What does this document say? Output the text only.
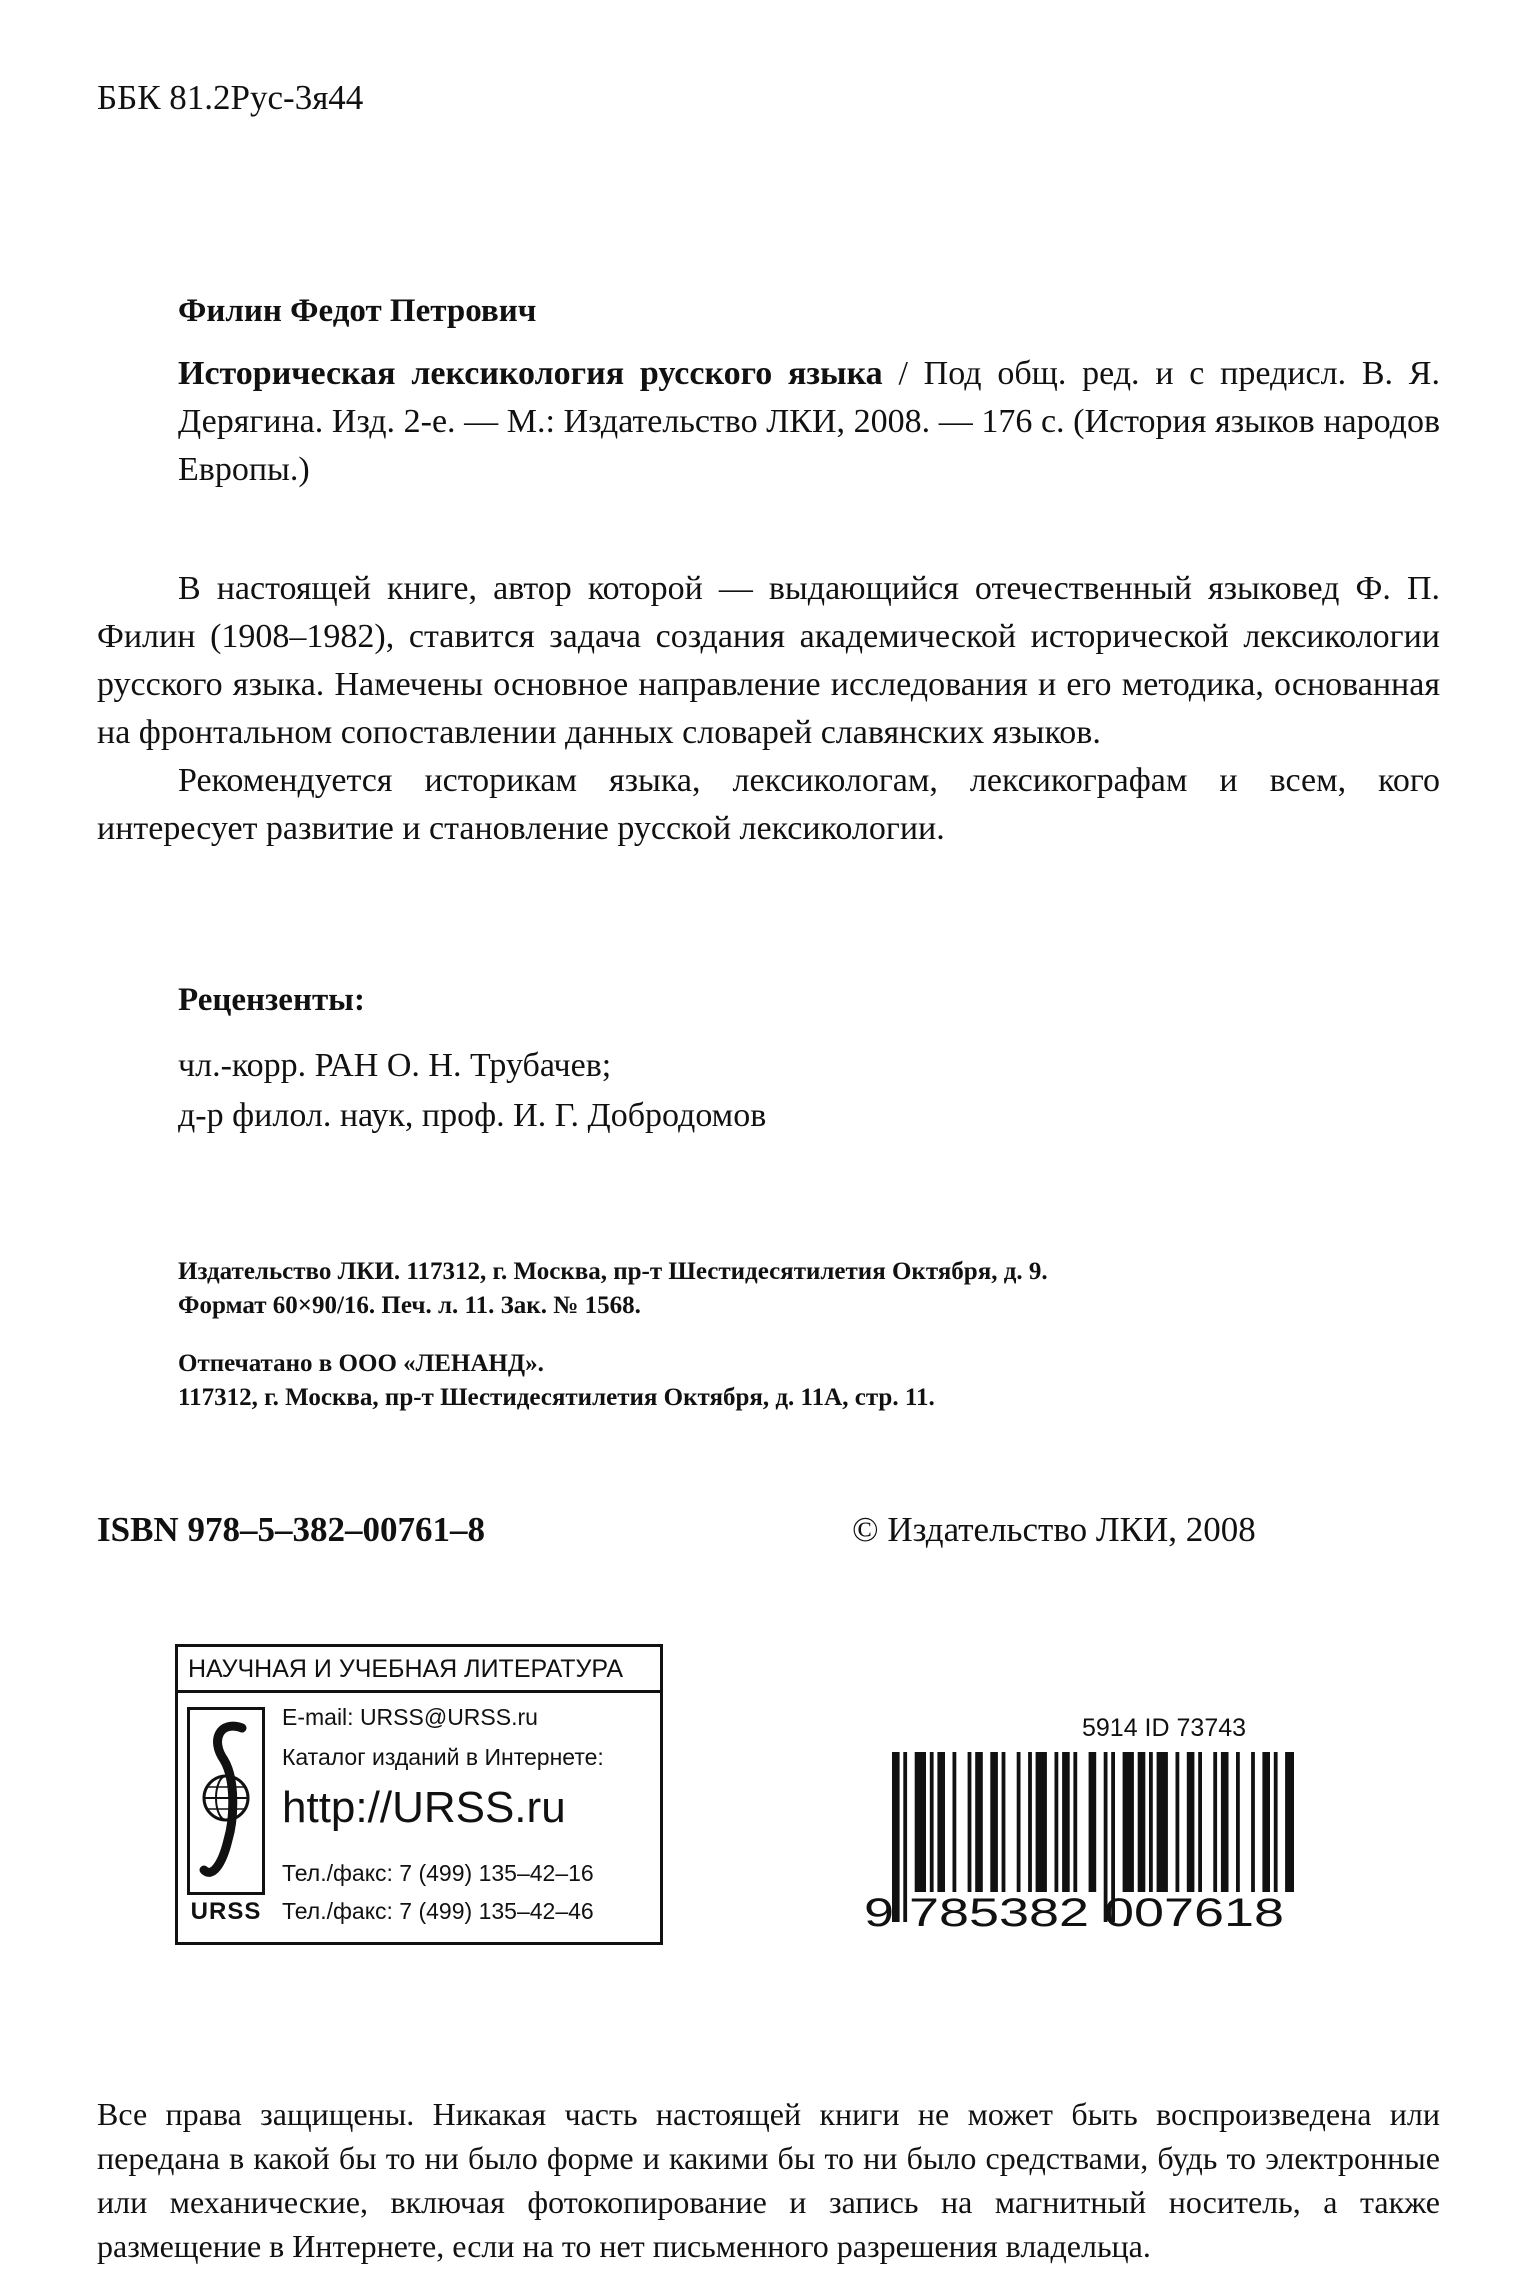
ББК 81.2Рус-3я44
Филин Федот Петрович
Историческая лексикология русского языка / Под общ. ред. и с предисл. В. Я. Дерягина. Изд. 2-е. — М.: Издательство ЛКИ, 2008. — 176 с. (История языков народов Европы.)

В настоящей книге, автор которой — выдающийся отечественный языковед Ф. П. Филин (1908–1982), ставится задача создания академической исторической лексикологии русского языка. Намечены основное направление исследования и его методика, основанная на фронтальном сопоставлении данных словарей славянских языков.

Рекомендуется историкам языка, лексикологам, лексикографам и всем, кого интересует развитие и становление русской лексикологии.

Рецензенты:
чл.-корр. РАН О. Н. Трубачев;
д-р филол. наук, проф. И. Г. Добродомов
Издательство ЛКИ. 117312, г. Москва, пр-т Шестидесятилетия Октября, д. 9.
Формат 60×90/16. Печ. л. 11. Зак. № 1568.
Отпечатано в ООО «ЛЕНАНД».
117312, г. Москва, пр-т Шестидесятилетия Октября, д. 11А, стр. 11.
ISBN 978–5–382–00761–8	© Издательство ЛКИ, 2008
НАУЧНАЯ И УЧЕБНАЯ ЛИТЕРАТУРА
URSS
E-mail: URSS@URSS.ru
Каталог изданий в Интернете:
http://URSS.ru
Тел./факс: 7 (499) 135–42–16
Тел./факс: 7 (499) 135–42–46
5914 ID 73743
9 785382 007618
Все права защищены. Никакая часть настоящей книги не может быть воспроизведена или передана в какой бы то ни было форме и какими бы то ни было средствами, будь то электронные или механические, включая фотокопирование и запись на магнитный носитель, а также размещение в Интернете, если на то нет письменного разрешения владельца.
